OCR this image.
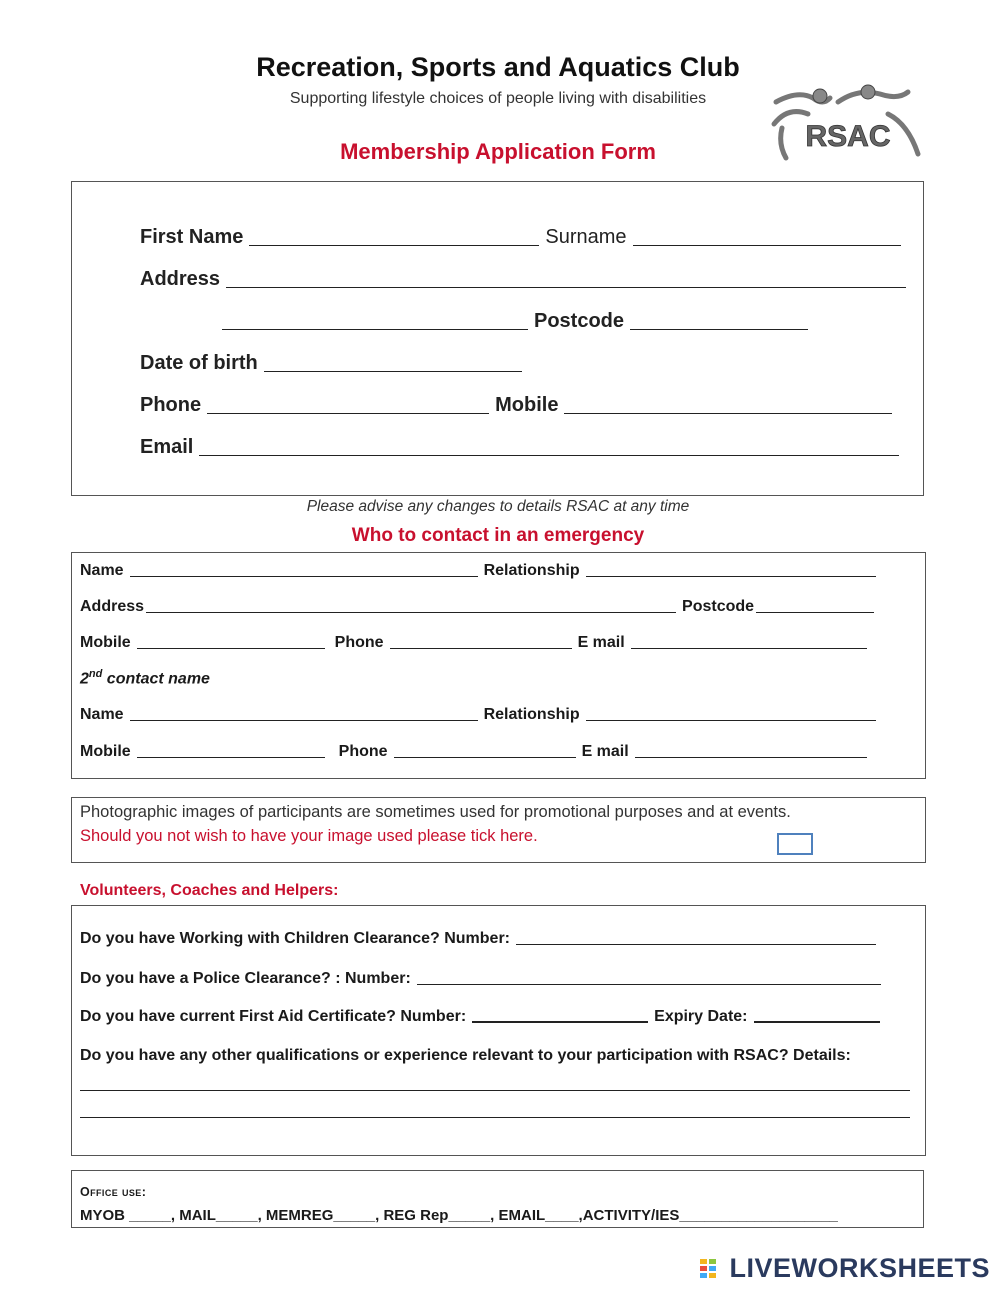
Recreation, Sports and Aquatics Club
Supporting lifestyle choices of people living with disabilities
Membership Application Form	RSAC
First Name	Surname
Address
Postcode
Date of birth
Phone	Mobile
Email
Please advise any changes to details RSAC at any time
Who to contact in an emergency
Name	Relationship
Address	Postcode
Mobile	Phone	E mail
2nd contact name
Name	Relationship
Mobile	Phone	E mail
Photographic images of participants are sometimes used for promotional purposes and at events.
Should you not wish to have your image used please tick here.
Volunteers, Coaches and Helpers:
Do you have Working with Children Clearance? Number:
Do you have a Police Clearance? : Number:
Do you have current First Aid Certificate? Number:	Expiry Date:
Do you have any other qualifications or experience relevant to your participation with RSAC? Details:
Office use:
MYOB _____, MAIL_____, MEMREG_____, REG Rep_____, EMAIL____,ACTIVITY/IES___________________
LIVEWORKSHEETS
